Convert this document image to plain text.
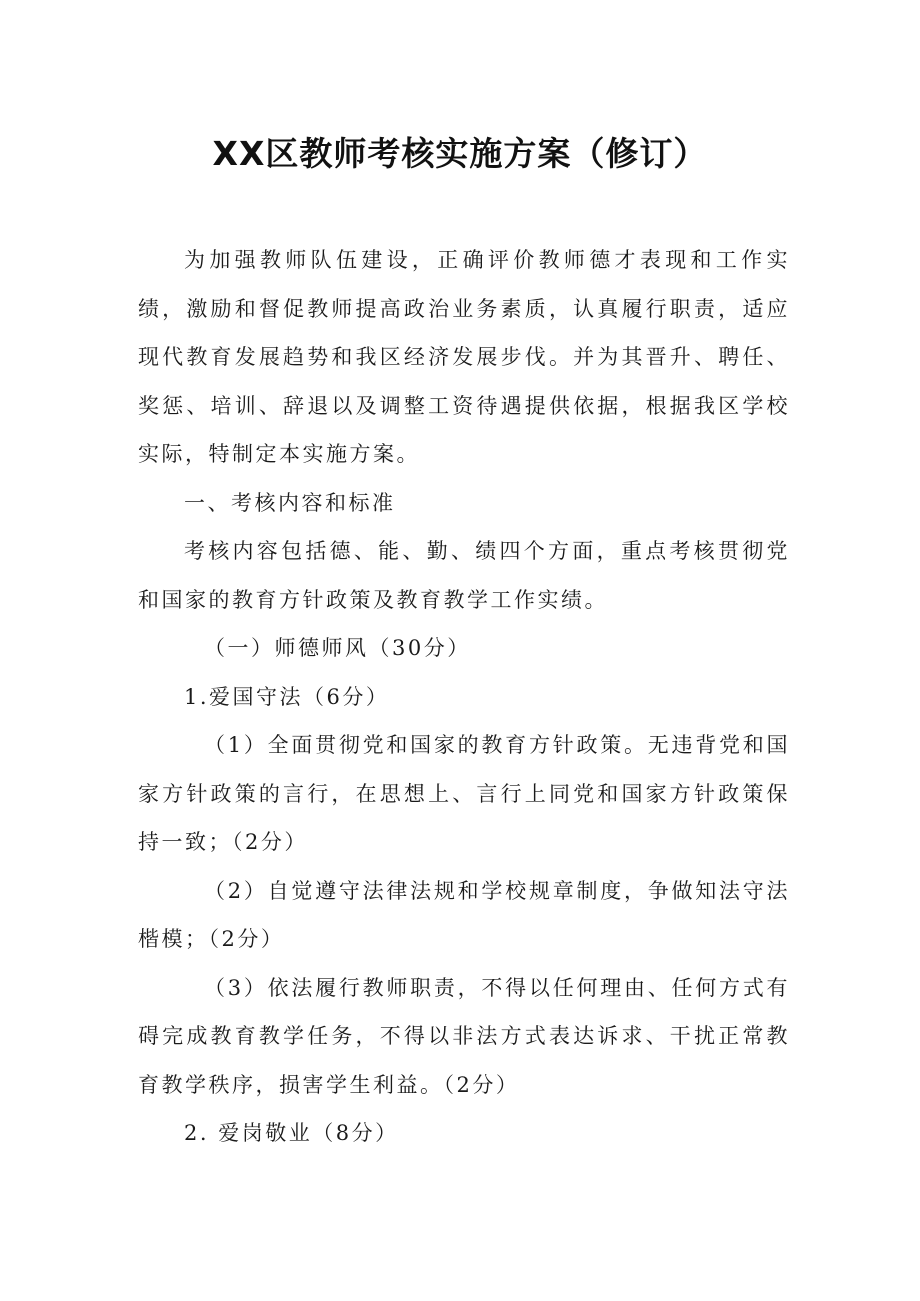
XX区教师考核实施方案（修订）

为加强教师队伍建设，正确评价教师德才表现和工作实绩，激励和督促教师提高政治业务素质，认真履行职责，适应现代教育发展趋势和我区经济发展步伐。并为其晋升、聘任、奖惩、培训、辞退以及调整工资待遇提供依据，根据我区学校实际，特制定本实施方案。

一、考核内容和标准

考核内容包括德、能、勤、绩四个方面，重点考核贯彻党和国家的教育方针政策及教育教学工作实绩。

（一）师德师风（30分）

1.爱国守法（6分）

（1）全面贯彻党和国家的教育方针政策。无违背党和国家方针政策的言行，在思想上、言行上同党和国家方针政策保持一致；（2分）

（2）自觉遵守法律法规和学校规章制度，争做知法守法楷模；（2分）

（3）依法履行教师职责，不得以任何理由、任何方式有碍完成教育教学任务，不得以非法方式表达诉求、干扰正常教育教学秩序，损害学生利益。（2分）

2. 爱岗敬业（8分）
